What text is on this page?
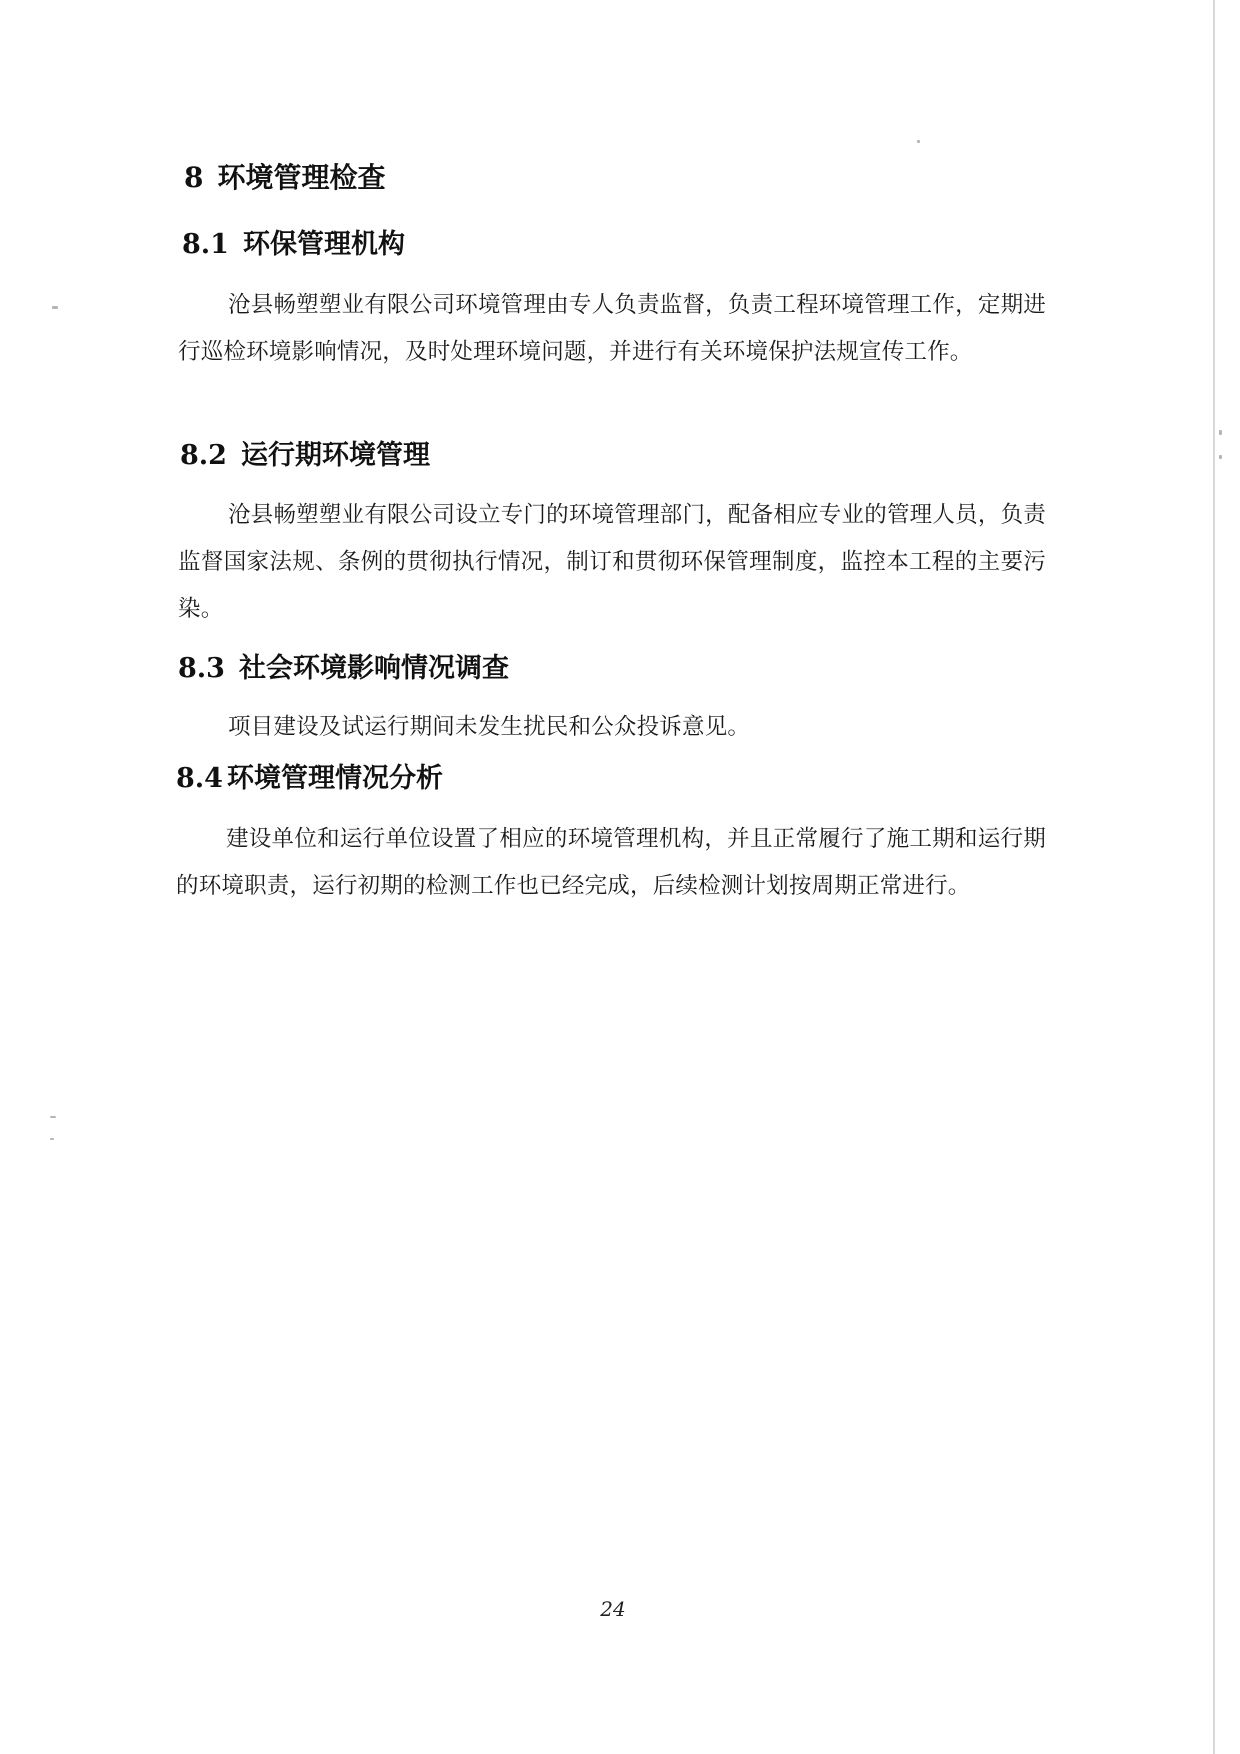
8 环境管理检查
8.1 环保管理机构

沧县畅塑塑业有限公司环境管理由专人负责监督，负责工程环境管理工作，定期进行巡检环境影响情况，及时处理环境问题，并进行有关环境保护法规宣传工作。

8.2 运行期环境管理

沧县畅塑塑业有限公司设立专门的环境管理部门，配备相应专业的管理人员，负责监督国家法规、条例的贯彻执行情况，制订和贯彻环保管理制度，监控本工程的主要污染。

8.3 社会环境影响情况调查

项目建设及试运行期间未发生扰民和公众投诉意见。

8.4 环境管理情况分析

建设单位和运行单位设置了相应的环境管理机构，并且正常履行了施工期和运行期的环境职责，运行初期的检测工作也已经完成，后续检测计划按周期正常进行。

24
